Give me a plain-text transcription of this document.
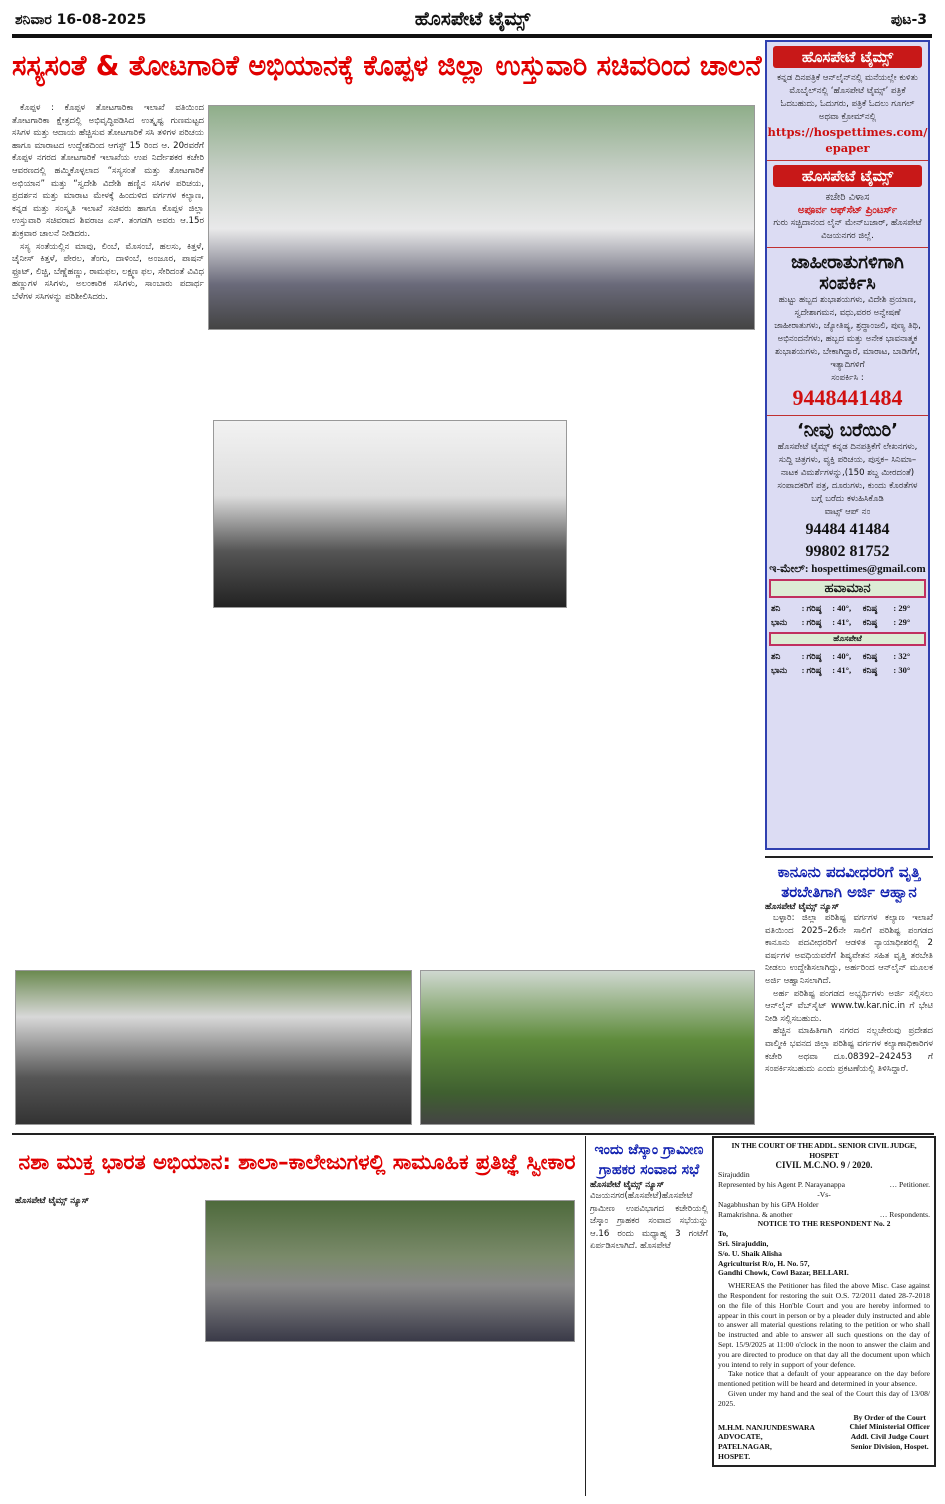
ಶನಿವಾರ 16-08-2025	ಹೊಸಪೇಟೆ ಟೈಮ್ಸ್	ಪುಟ-3
ಸಸ್ಯಸಂತೆ & ತೋಟಗಾರಿಕೆ ಅಭಿಯಾನಕ್ಕೆ ಕೊಪ್ಪಳ ಜಿಲ್ಲಾ ಉಸ್ತುವಾರಿ ಸಚಿವರಿಂದ ಚಾಲನೆ

ಕೊಪ್ಪಳ : ಕೊಪ್ಪಳ ತೋಟಗಾರಿಕಾ ಇಲಾಖೆ ವತಿಯಿಂದ ತೋಟಗಾರಿಕಾ ಕ್ಷೇತ್ರದಲ್ಲಿ ಅಭಿವೃದ್ಧಿಪಡಿಸಿದ ಉತ್ಕೃಷ್ಟ ಗುಣಮಟ್ಟದ ಸಸಿಗಳ ಮತ್ತು ಆದಾಯ ಹೆಚ್ಚಿಸುವ ತೋಟಗಾರಿಕೆ ಸಸಿ ತಳಿಗಳ ಪರಿಚಯ ಹಾಗೂ ಮಾರಾಟದ ಉದ್ದೇಶದಿಂದ ಆಗಸ್ಟ್ 15 ರಿಂದ ಆ. 20ರವರೆಗೆ ಕೊಪ್ಪಳ ನಗರದ ತೋಟಗಾರಿಕೆ ಇಲಾಖೆಯ ಉಪ ನಿರ್ದೇಶಕರ ಕಚೇರಿ ಆವರಣದಲ್ಲಿ ಹಮ್ಮಿಕೊಳ್ಳಲಾದ “ಸಸ್ಯಸಂತೆ ಮತ್ತು ತೋಟಗಾರಿಕೆ ಅಭಿಯಾನ” ಮತ್ತು “ಸ್ವದೇಶಿ ವಿದೇಶಿ ಹಣ್ಣಿನ ಸಸಿಗಳ ಪರಿಚಯ, ಪ್ರದರ್ಶನ ಮತ್ತು ಮಾರಾಟ ಮೇಳಕ್ಕೆ ಹಿಂದುಳಿದ ವರ್ಗಗಳ ಕಲ್ಯಾಣ, ಕನ್ನಡ ಮತ್ತು ಸಂಸ್ಕೃತಿ ಇಲಾಖೆ ಸಚಿವರು ಹಾಗೂ ಕೊಪ್ಪಳ ಜಿಲ್ಲಾ ಉಸ್ತುವಾರಿ ಸಚಿವರಾದ ಶಿವರಾಜ ಎಸ್. ತಂಗಡಗಿ ಅವರು ಆ.15ರ ಶುಕ್ರವಾರ ಚಾಲನೆ ನೀಡಿದರು.

ಸಸ್ಯ ಸಂತೆಯಲ್ಲಿನ ಮಾವು, ಲಿಂಬೆ, ಮೊಸಂಬೆ, ಹಲಸು, ಕಿತ್ತಳೆ, ಚೈನೀಸ್ ಕಿತ್ತಳೆ, ಪೇರಲ, ತೆಂಗು, ದಾಳಿಂಬೆ, ಅಂಜೂರ, ಪಾಷನ್ ಫ್ರೂಟ್, ಲಿಚ್ಚಿ, ಬೆಣ್ಣೆಹಣ್ಣು, ರಾಮಫಲ, ಲಕ್ಷ್ಮಣ ಫಲ, ಸೇರಿದಂತೆ ವಿವಿಧ ಹಣ್ಣುಗಳ ಸಸಿಗಳು, ಅಲಂಕಾರಿಕ ಸಸಿಗಳು, ಸಾಂಬಾರು ಪದಾರ್ಥ ಬೆಳೆಗಳ ಸಸಿಗಳನ್ನು ಪರಿಶೀಲಿಸಿದರು.

ಹೊಸಪೇಟೆ ಟೈಮ್ಸ್
ಕನ್ನಡ ದಿನಪತ್ರಿಕೆ ಆನ್‌ಲೈನ್‌ನಲ್ಲಿ ಮನೆಯಲ್ಲೇ ಕುಳಿತು ಮೊಬೈಲ್‌ನಲ್ಲಿ ‘ಹೊಸಪೇಟೆ ಟೈಮ್ಸ್’ ಪತ್ರಿಕೆ ಓದಬಹುದು, ಓದುಗರು, ಪತ್ರಿಕೆ ಓದಲು ಗೂಗಲ್ ಅಥವಾ ಕ್ರೋಮ್‌ನಲ್ಲಿ
https://hospettimes.com/ epaper
ಹೊಸಪೇಟೆ ಟೈಮ್ಸ್
ಕಚೇರಿ ವಿಳಾಸ
ಅಪೂರ್ವ ಆಫ್‌ಸೆಟ್ ಪ್ರಿಂಟರ್ಸ್
ಗುರು ಸಚ್ಚಿದಾನಂದ ಲೈನ್ ಮೇನ್‌ಬಜಾರ್, ಹೊಸಪೇಟೆ ವಿಜಯನಗರ ಜಿಲ್ಲೆ.
ಜಾಹೀರಾತುಗಳಿಗಾಗಿ
ಸಂಪರ್ಕಿಸಿ
ಹುಟ್ಟು ಹಬ್ಬದ ಶುಭಾಶಯಗಳು, ವಿದೇಶಿ ಪ್ರಯಾಣ, ಸ್ವದೇಶಾಗಮನ, ವಧು,ವರರ ಅನ್ವೇಷಣೆ ಜಾಹೀರಾತುಗಳು, ಜ್ಯೋತಿಷ್ಯ, ಶ್ರದ್ಧಾಂಜಲಿ, ಪುಣ್ಯ ತಿಥಿ, ಅಭಿನಂದನೆಗಳು, ಹಬ್ಬದ ಮತ್ತು ಅನೇಕ ಭಾವನಾತ್ಮಕ ಶುಭಾಶಯಗಳು, ಬೇಕಾಗಿದ್ದಾರೆ, ಮಾರಾಟ, ಬಾಡಿಗೆಗೆ, ಇತ್ಯಾದಿಗಳಿಗೆ
ಸಂಪರ್ಕಿಸಿ :
9448441484
‘ನೀವು ಬರೆಯಿರಿ’
ಹೊಸಪೇಟೆ ಟೈಮ್ಸ್ ಕನ್ನಡ ದಿನಪತ್ರಿಕೆಗೆ ಲೇಖನಗಳು, ಸುದ್ದಿ ಚಿತ್ರಗಳು, ವ್ಯಕ್ತಿ ಪರಿಚಯ, ಪುಸ್ತಕ– ಸಿನಿಮಾ–ನಾಟಕ ವಿಮರ್ಶೆಗಳನ್ನು,(150 ಶಬ್ದ ಮೀರದಂತೆ) ಸಂಪಾದಕರಿಗೆ ಪತ್ರ, ದೂರುಗಳು, ಕುಂದು ಕೊರತೆಗಳ ಬಗ್ಗೆ ಬರೆದು ಕಳುಹಿಸಿಕೊಡಿ
ವಾಟ್ಸ್ ಆಪ್ ನಂ
94484 41484
99802 81752
ಇ-ಮೇಲ್: hospettimes@gmail.com
ಹವಾಮಾನ
ಶನಿ	: ಗರಿಷ್ಠ	: 40°,	ಕನಿಷ್ಠ	: 29°
ಭಾನು	: ಗರಿಷ್ಠ	: 41°,	ಕನಿಷ್ಠ	: 29°
ಹೊಸಪೇಟೆ
ಶನಿ	: ಗರಿಷ್ಠ	: 40°,	ಕನಿಷ್ಠ	: 32°
ಭಾನು	: ಗರಿಷ್ಠ	: 41°,	ಕನಿಷ್ಠ	: 30°
ಕಾನೂನು ಪದವೀಧರರಿಗೆ ವೃತ್ತಿ ತರಬೇತಿಗಾಗಿ ಅರ್ಜಿ ಆಹ್ವಾನ
ಹೊಸಪೇಟೆ ಟೈಮ್ಸ್ ನ್ಯೂಸ್

ಬಳ್ಳಾರಿ: ಜಿಲ್ಲಾ ಪರಿಶಿಷ್ಟ ವರ್ಗಗಳ ಕಲ್ಯಾಣ ಇಲಾಖೆ ವತಿಯಿಂದ 2025–26ನೇ ಸಾಲಿಗೆ ಪರಿಶಿಷ್ಟ ಪಂಗಡದ ಕಾನೂನು ಪದವೀಧರರಿಗೆ ಆಡಳಿತ ನ್ಯಾಯಾಧೀಶರಲ್ಲಿ 2 ವರ್ಷಗಳ ಅವಧಿಯವರೆಗೆ ಶಿಷ್ಯವೇತನ ಸಹಿತ ವೃತ್ತಿ ತರಬೇತಿ ನೀಡಲು ಉದ್ದೇಶಿಸಲಾಗಿದ್ದು, ಅರ್ಹರಿಂದ ಆನ್‌ಲೈನ್ ಮೂಲಕ ಅರ್ಜಿ ಆಹ್ವಾನಿಸಲಾಗಿದೆ.

ಅರ್ಹ ಪರಿಶಿಷ್ಟ ಪಂಗಡದ ಅಭ್ಯರ್ಥಿಗಳು ಅರ್ಜಿ ಸಲ್ಲಿಸಲು ಆನ್‌ಲೈನ್ ವೆಬ್‌ಸೈಟ್ www.tw.kar.nic.in ಗೆ ಭೇಟಿ ನೀಡಿ ಸಲ್ಲಿಸಬಹುದು.

ಹೆಚ್ಚಿನ ಮಾಹಿತಿಗಾಗಿ ನಗರದ ನಲ್ಲಚೇರುವು ಪ್ರದೇಶದ ವಾಲ್ಮೀಕಿ ಭವನದ ಜಿಲ್ಲಾ ಪರಿಶಿಷ್ಟ ವರ್ಗಗಳ ಕಲ್ಯಾಣಾಧಿಕಾರಿಗಳ ಕಚೇರಿ ಅಥವಾ ದೂ.08392–242453 ಗೆ ಸಂಪರ್ಕಿಸಬಹುದು ಎಂದು ಪ್ರಕಟಣೆಯಲ್ಲಿ ತಿಳಿಸಿದ್ದಾರೆ.

ನಶಾ ಮುಕ್ತ ಭಾರತ ಅಭಿಯಾನ: ಶಾಲಾ–ಕಾಲೇಜುಗಳಲ್ಲಿ ಸಾಮೂಹಿಕ ಪ್ರತಿಜ್ಞೆ ಸ್ವೀಕಾರ
ಹೊಸಪೇಟೆ ಟೈಮ್ಸ್ ನ್ಯೂಸ್
ಇಂದು ಜೆಸ್ಕಾಂ ಗ್ರಾಮೀಣ ಗ್ರಾಹಕರ ಸಂವಾದ ಸಭೆ
ಹೊಸಪೇಟೆ ಟೈಮ್ಸ್ ನ್ಯೂಸ್
ವಿಜಯನಗರ(ಹೊಸಪೇಟೆ)ಹೊಸಪೇಟೆ ಗ್ರಾಮೀಣ ಉಪವಿಭಾಗದ ಕಚೇರಿಯಲ್ಲಿ ಜೆಸ್ಕಾಂ ಗ್ರಾಹಕರ ಸಂವಾದ ಸಭೆಯನ್ನು ಆ.16 ರಂದು ಮಧ್ಯಾಹ್ನ 3 ಗಂಟೆಗೆ ಏರ್ಪಡಿಸಲಾಗಿದೆ. ಹೊಸಪೇಟೆ
IN THE COURT OF THE ADDL. SENIOR CIVIL JUDGE, HOSPET
CIVIL M.C.NO. 9 / 2020.
Sirajuddin
Represented by his Agent P. Narayanappa	… Petitioner.
-Vs-
Nagabhushan by his GPA Holder
Ramakrishna. & another	… Respondents.
NOTICE TO THE RESPONDENT No. 2
To,
Sri. Sirajuddin,
S/o. U. Shaik Alisha
Agriculturist R/o, H. No. 57,
Gandhi Chowk, Cowl Bazar, BELLARI.

WHEREAS the Petitioner has filed the above Misc. Case against the Respondent for restoring the suit O.S. 72/2011 dated 28-7-2018 on the file of this Hon'ble Court and you are hereby informed to appear in this court in person or by a pleader duly instructed and able to answer all material questions relating to the petition or who shall be instructed and able to answer all such questions on the day of Sept. 15/9/2025 at 11:00 o'clock in the noon to answer the claim and you are directed to produce on that day all the document upon which you intend to rely in support of your defence.

Take notice that a default of your appearance on the day before mentioned petition will be heard and determined in your absence.

Given under my hand and the seal of the Court this day of 13/08/ 2025.

M.H.M. NANJUNDESWARA
ADVOCATE,
PATELNAGAR,
HOSPET.
By Order of the Court
Chief Ministerial Officer
Addl. Civil Judge Court
Senior Division, Hospet.
